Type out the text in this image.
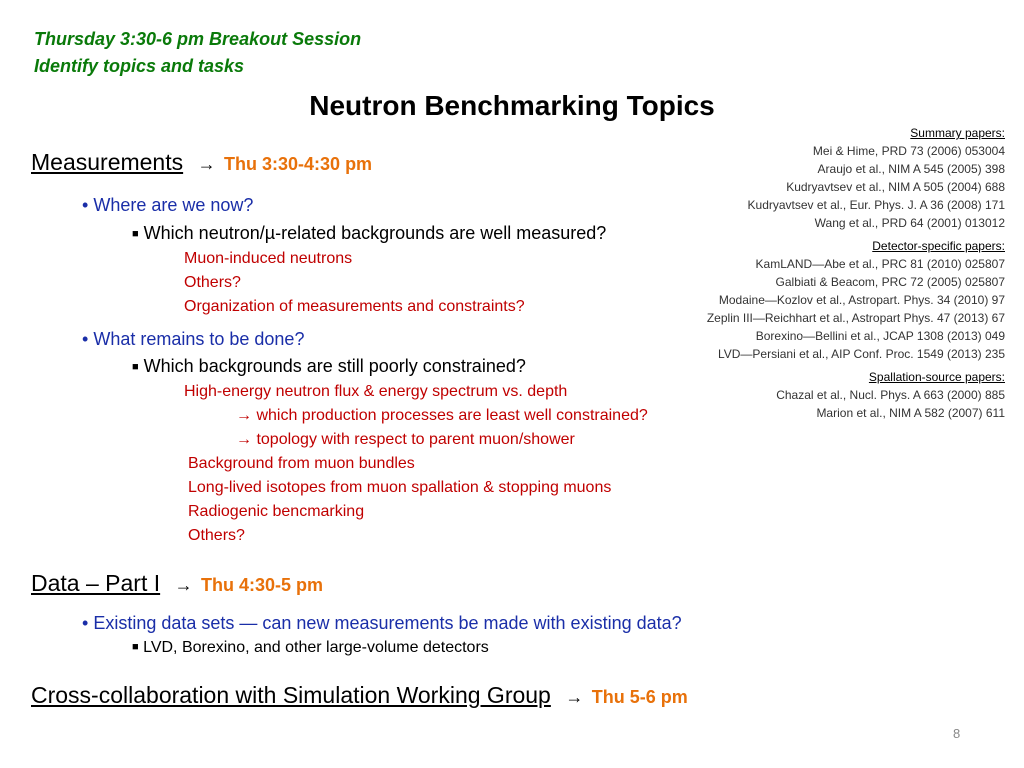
Thursday 3:30-6 pm Breakout Session
Identify topics and tasks
Neutron Benchmarking Topics
Measurements → Thu 3:30-4:30 pm
• Where are we now?
■ Which neutron/µ-related backgrounds are well measured?
Muon-induced neutrons
Others?
Organization of measurements and constraints?
• What remains to be done?
■ Which backgrounds are still poorly constrained?
High-energy neutron flux & energy spectrum vs. depth
→ which production processes are least well constrained?
→ topology with respect to parent muon/shower
Background from muon bundles
Long-lived isotopes from muon spallation & stopping muons
Radiogenic bencmarking
Others?
Data – Part I → Thu 4:30-5 pm
• Existing data sets — can new measurements be made with existing data?
■ LVD, Borexino, and other large-volume detectors
Cross-collaboration with Simulation Working Group → Thu 5-6 pm
Summary papers:
Mei & Hime, PRD 73 (2006) 053004
Araujo et al., NIM A 545 (2005) 398
Kudryavtsev et al., NIM A 505 (2004) 688
Kudryavtsev et al., Eur. Phys. J. A 36 (2008) 171
Wang et al., PRD 64 (2001) 013012
Detector-specific papers:
KamLAND—Abe et al., PRC 81 (2010) 025807
Galbiati & Beacom, PRC 72 (2005) 025807
Modaine—Kozlov et al., Astropart. Phys. 34 (2010) 97
Zeplin III—Reichhart et al., Astropart Phys. 47 (2013) 67
Borexino—Bellini et al., JCAP 1308 (2013) 049
LVD—Persiani et al., AIP Conf. Proc. 1549 (2013) 235
Spallation-source papers:
Chazal et al., Nucl. Phys. A 663 (2000) 885
Marion et al., NIM A 582 (2007) 611
8
